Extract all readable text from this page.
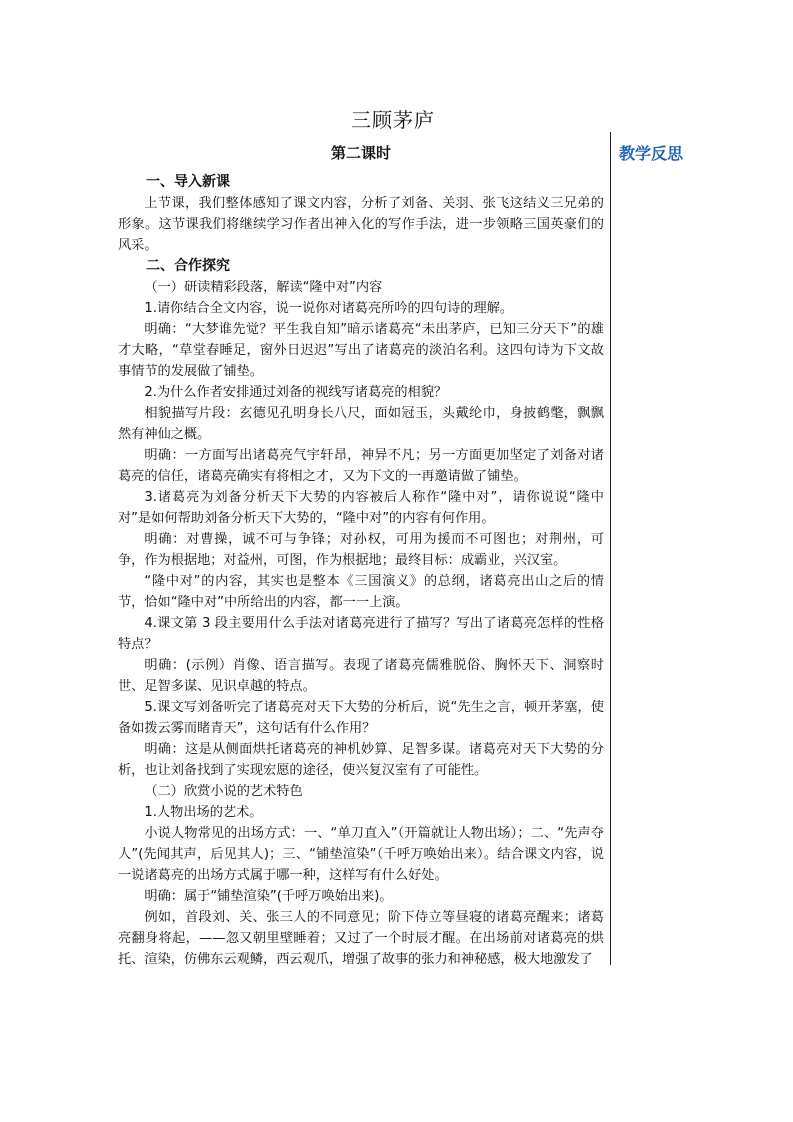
三顾茅庐
教学反思

第二课时

一、导入新课

上节课，我们整体感知了课文内容，分析了刘备、关羽、张飞这结义三兄弟的形象。这节课我们将继续学习作者出神入化的写作手法，进一步领略三国英豪们的风采。

二、合作探究

（一）研读精彩段落，解读“隆中对”内容

1.请你结合全文内容，说一说你对诸葛亮所吟的四句诗的理解。

明确：“大梦谁先觉？平生我自知”暗示诸葛亮“未出茅庐，已知三分天下”的雄才大略，“草堂春睡足，窗外日迟迟”写出了诸葛亮的淡泊名利。这四句诗为下文故事情节的发展做了铺垫。

2.为什么作者安排通过刘备的视线写诸葛亮的相貌？

相貌描写片段：玄德见孔明身长八尺，面如冠玉，头戴纶巾，身披鹤氅，飘飘然有神仙之概。

明确：一方面写出诸葛亮气宇轩昂，神异不凡；另一方面更加坚定了刘备对诸葛亮的信任，诸葛亮确实有将相之才，又为下文的一再邀请做了铺垫。

3.诸葛亮为刘备分析天下大势的内容被后人称作“隆中对”，请你说说“隆中对”是如何帮助刘备分析天下大势的，“隆中对”的内容有何作用。

明确：对曹操，诚不可与争锋；对孙权，可用为援而不可图也；对荆州，可争，作为根据地；对益州，可图，作为根据地；最终目标：成霸业，兴汉室。

“隆中对”的内容，其实也是整本《三国演义》的总纲，诸葛亮出山之后的情节，恰如“隆中对”中所给出的内容，都一一上演。

4.课文第 3 段主要用什么手法对诸葛亮进行了描写？写出了诸葛亮怎样的性格特点？

明确：(示例）肖像、语言描写。表现了诸葛亮儒雅脱俗、胸怀天下、洞察时世、足智多谋、见识卓越的特点。

5.课文写刘备听完了诸葛亮对天下大势的分析后，说“先生之言，顿开茅塞，使备如拨云雾而睹青天”，这句话有什么作用？

明确：这是从侧面烘托诸葛亮的神机妙算、足智多谋。诸葛亮对天下大势的分析，也让刘备找到了实现宏愿的途径，使兴复汉室有了可能性。

（二）欣赏小说的艺术特色

1.人物出场的艺术。

小说人物常见的出场方式：一、“单刀直入”（开篇就让人物出场）；二、“先声夺人”(先闻其声，后见其人)；三、“铺垫渲染”（千呼万唤始出来）。结合课文内容，说一说诸葛亮的出场方式属于哪一种，这样写有什么好处。

明确：属于“铺垫渲染”(千呼万唤始出来)。

例如，首段刘、关、张三人的不同意见；阶下侍立等昼寝的诸葛亮醒来；诸葛亮翻身将起，——忽又朝里壁睡着；又过了一个时辰才醒。在出场前对诸葛亮的烘托、渲染，仿佛东云观鳞，西云观爪，增强了故事的张力和神秘感，极大地激发了
